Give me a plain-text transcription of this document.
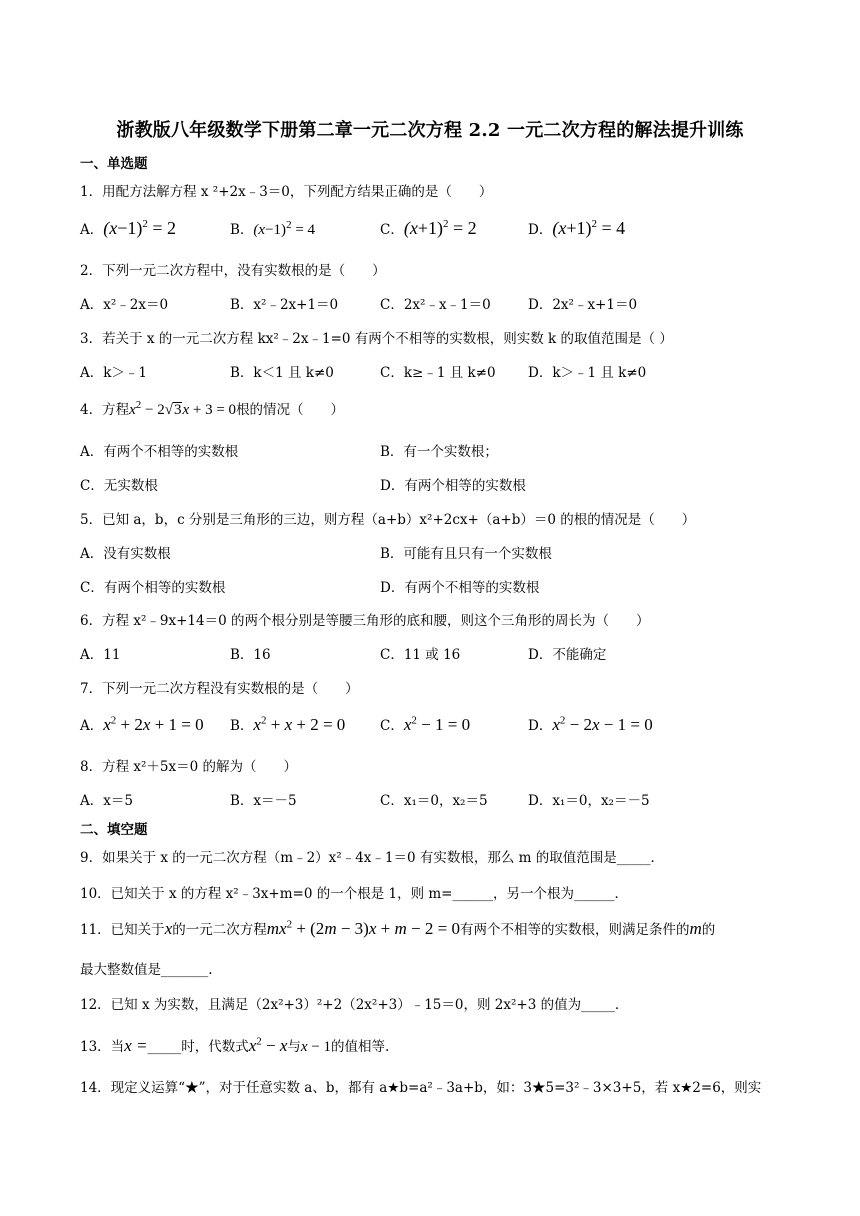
浙教版八年级数学下册第二章一元二次方程 2.2 一元二次方程的解法提升训练
一、单选题
1．用配方法解方程 x ²+2x﹣3＝0，下列配方结果正确的是（　　）
A．$(x-1)^2 = 2$	B．$(x-1)^2 = 4$	C．$(x+1)^2 = 2$	D．$(x+1)^2 = 4$
2．下列一元二次方程中，没有实数根的是（　　）
A．x²﹣2x＝0	B．x²﹣2x+1＝0	C．2x²﹣x﹣1＝0	D．2x²﹣x+1＝0
3．若关于 x 的一元二次方程 kx²﹣2x﹣1=0 有两个不相等的实数根，则实数 k 的取值范围是（ ）
A．k＞﹣1	B．k＜1 且 k≠0	C．k≥﹣1 且 k≠0 D．k＞﹣1 且 k≠0
4．方程$x^2 - 2√3x + 3 = 0$根的情况（　　）
A．有两个不相等的实数根	B．有一个实数根；
C．无实数根	D．有两个相等的实数根
5．已知 a，b，c 分别是三角形的三边，则方程（a+b）x²+2cx+（a+b）＝0 的根的情况是（　　）
A．没有实数根	B．可能有且只有一个实数根
C．有两个相等的实数根	D．有两个不相等的实数根
6．方程 x²﹣9x+14＝0 的两个根分别是等腰三角形的底和腰，则这个三角形的周长为（　　）
A．11	B．16	C．11 或 16	D．不能确定
7．下列一元二次方程没有实数根的是（　　）
A．$x^2 + 2x + 1 = 0$ B．$x^2 + x + 2 = 0$	C．$x^2 - 1 = 0$	D．$x^2 - 2x - 1 = 0$
8．方程 x²＋5x＝0 的解为（　　）
A．x＝5	B．x＝－5	C．x₁＝0，x₂＝5	D．x₁＝0，x₂＝－5
二、填空题
9．如果关于 x 的一元二次方程（m﹣2）x²﹣4x﹣1＝0 有实数根，那么 m 的取值范围是_____．
10．已知关于 x 的方程 x²﹣3x+m=0 的一个根是 1，则 m=______，另一个根为______．
11．已知关于x的一元二次方程$mx^2 + (2m - 3)x + m - 2 = 0$有两个不相等的实数根，则满足条件的m的
最大整数值是_______.
12．已知 x 为实数，且满足（2x²+3）²+2（2x²+3）﹣15＝0，则 2x²+3 的值为_____．
13．当x =_____时，代数式$x^2 - x$与x − 1的值相等.
14．现定义运算“★”，对于任意实数 a、b，都有 a★b=a²﹣3a+b，如：3★5=3²﹣3×3+5，若 x★2=6，则实
